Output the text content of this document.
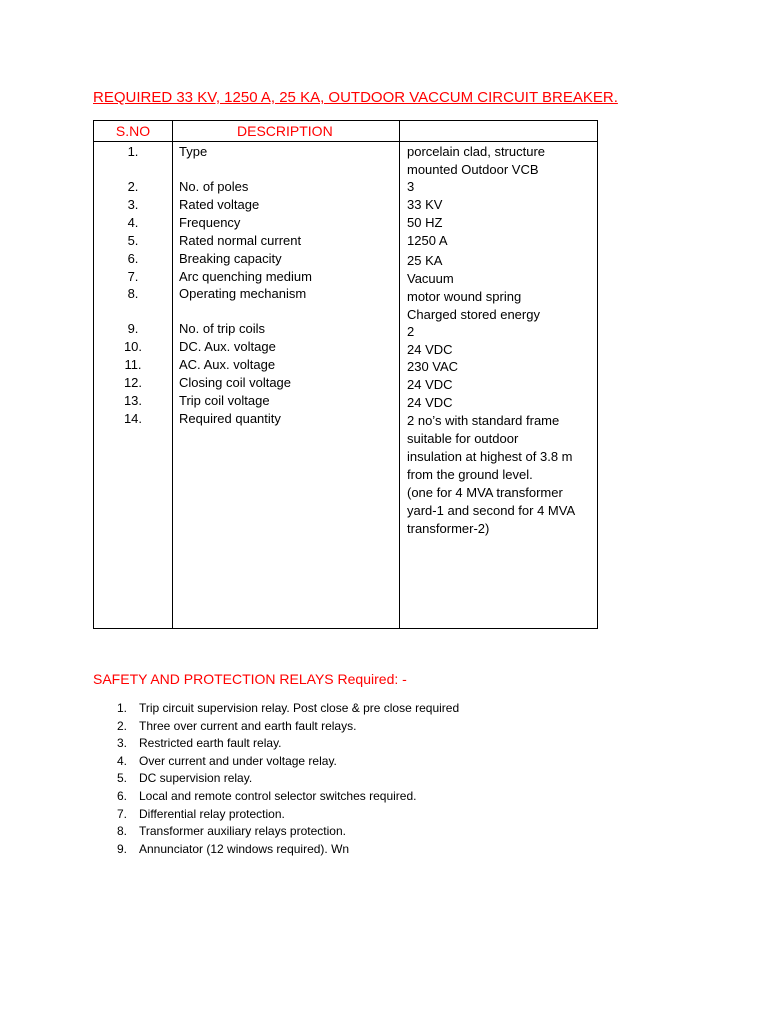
REQUIRED 33 KV, 1250 A, 25 KA, OUTDOOR VACCUM CIRCUIT BREAKER.
S.NO	DESCRIPTION
1.	Type	porcelain clad, structure
mounted Outdoor VCB
2.	No. of poles	3
3.	Rated voltage	33 KV
4.	Frequency	50 HZ
5.	Rated normal current	1250 A
6.	Breaking capacity	25 KA
7.	Arc quenching medium	Vacuum
8.	Operating mechanism	motor wound spring
Charged stored energy
9.	No. of trip coils	2
10.	DC. Aux. voltage	24 VDC
11.	AC. Aux. voltage	230 VAC
12.	Closing coil voltage	24 VDC
13.	Trip coil voltage	24 VDC
14.	Required quantity	2 no’s with standard frame
suitable for outdoor
insulation at highest of 3.8 m
from the ground level.
(one for 4 MVA transformer
yard-1 and second for 4 MVA
transformer-2)
SAFETY AND PROTECTION RELAYS Required: -
1. Trip circuit supervision relay. Post close & pre close required
2. Three over current and earth fault relays.
3. Restricted earth fault relay.
4. Over current and under voltage relay.
5. DC supervision relay.
6. Local and remote control selector switches required.
7. Differential relay protection.
8. Transformer auxiliary relays protection.
9. Annunciator (12 windows required). Wn
